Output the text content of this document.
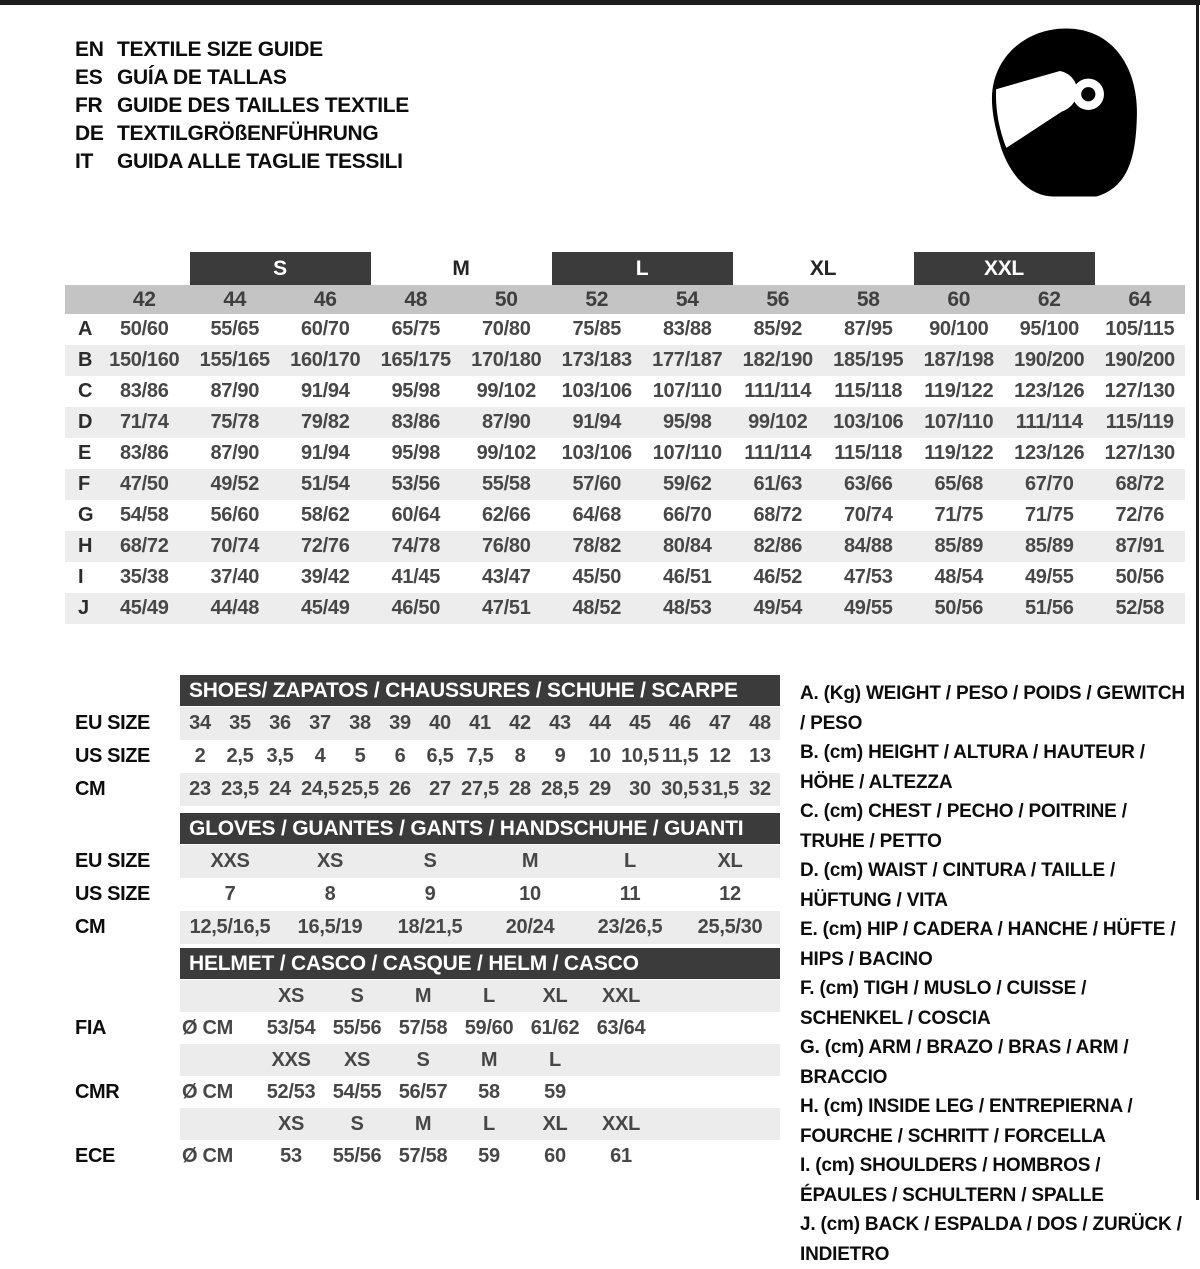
EN TEXTILE SIZE GUIDE
ES GUÍA DE TALLAS
FR GUIDE DES TAILLES TEXTILE
DE TEXTILGRÖßENFÜHRUNG
IT	GUIDA ALLE TAGLIE TESSILI
		S		M		L		XL		XXL		
	42	44	46	48	50	52	54	56	58	60	62	64
A	50/60	55/65	60/70	65/75	70/80	75/85	83/88	85/92	87/95	90/100	95/100	105/115
B	150/160	155/165	160/170	165/175	170/180	173/183	177/187	182/190	185/195	187/198	190/200	190/200
C	83/86	87/90	91/94	95/98	99/102	103/106	107/110	111/114	115/118	119/122	123/126	127/130
D	71/74	75/78	79/82	83/86	87/90	91/94	95/98	99/102	103/106	107/110	111/114	115/119
E	83/86	87/90	91/94	95/98	99/102	103/106	107/110	111/114	115/118	119/122	123/126	127/130
F	47/50	49/52	51/54	53/56	55/58	57/60	59/62	61/63	63/66	65/68	67/70	68/72
G	54/58	56/60	58/62	60/64	62/66	64/68	66/70	68/72	70/74	71/75	71/75	72/76
H	68/72	70/74	72/76	74/78	76/80	78/82	80/84	82/86	84/88	85/89	85/89	87/91
I	35/38	37/40	39/42	41/45	43/47	45/50	46/51	46/52	47/53	48/54	49/55	50/56
J	45/49	44/48	45/49	46/50	47/51	48/52	48/53	49/54	49/55	50/56	51/56	52/58
SHOES/ ZAPATOS / CHAUSSURES / SCHUHE / SCARPE
EU SIZE	34 35 36 37 38 39 40 41 42 43 44 45 46 47 48
US SIZE	2	2,5 3,5	4	5	6	6,5 7,5	8	9	10 10,5 11,5 12 13
CM	23 23,5 24 24,5 25,5 26 27 27,5 28 28,5 29 30 30,5 31,5 32
GLOVES / GUANTES / GANTS / HANDSCHUHE / GUANTI
EU SIZE	XXS	XS	S	M	L	XL
US SIZE	7	8	9	10	11	12
CM	12,5/16,5	16,5/19	18/21,5	20/24	23/26,5	25,5/30
HELMET / CASCO / CASQUE / HELM / CASCO
XS	S	M	L	XL	XXL
FIA	Ø CM	53/54 55/56 57/58 59/60 61/62 63/64
XXS	XS	S	M	L
CMR	Ø CM	52/53 54/55 56/57	58	59
XS	S	M	L	XL	XXL
ECE	Ø CM	53	55/56 57/58	59	60	61
A. (Kg) WEIGHT / PESO / POIDS / GEWITCH / PESO
B. (cm) HEIGHT / ALTURA / HAUTEUR / HÖHE / ALTEZZA
C. (cm) CHEST / PECHO / POITRINE / TRUHE / PETTO
D. (cm) WAIST / CINTURA / TAILLE / HÜFTUNG / VITA
E. (cm) HIP / CADERA / HANCHE / HÜFTE / HIPS / BACINO
F. (cm) TIGH / MUSLO / CUISSE / SCHENKEL / COSCIA
G. (cm) ARM / BRAZO / BRAS / ARM / BRACCIO
H. (cm) INSIDE LEG / ENTREPIERNA / FOURCHE / SCHRITT / FORCELLA
I. (cm) SHOULDERS / HOMBROS / ÉPAULES / SCHULTERN / SPALLE
J. (cm) BACK / ESPALDA / DOS / ZURÜCK / INDIETRO
